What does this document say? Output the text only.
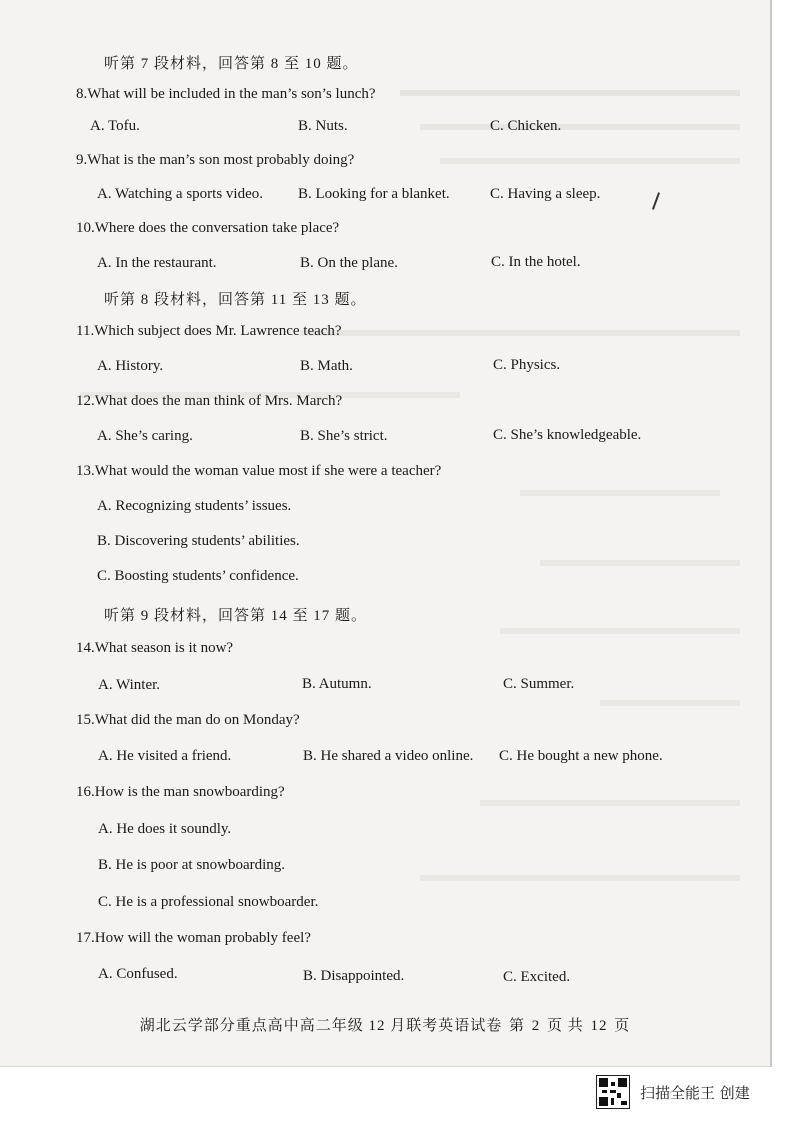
ᅟ
听第 7 段材料，回答第 8 至 10 题。
8.What will be included in the man’s son’s lunch?
A. Tofu.	B. Nuts.	C. Chicken.
9.What is the man’s son most probably doing?
A. Watching a sports video. B. Looking for a blanket.	C. Having a sleep.
10.Where does the conversation take place?
A. In the restaurant.	B. On the plane.	C. In the hotel.
听第 8 段材料，回答第 11 至 13 题。
11.Which subject does Mr. Lawrence teach?
A. History.	B. Math.	C. Physics.
12.What does the man think of Mrs. March?
A. She’s caring.	B. She’s strict.	C. She’s knowledgeable.
13.What would the woman value most if she were a teacher?
A. Recognizing students’ issues.
B. Discovering students’ abilities.
C. Boosting students’ confidence.
听第 9 段材料，回答第 14 至 17 题。
14.What season is it now?
A. Winter.	B. Autumn.	C. Summer.
15.What did the man do on Monday?
A. He visited a friend.	B. He shared a video online. C. He bought a new phone.
16.How is the man snowboarding?
A. He does it soundly.
B. He is poor at snowboarding.
C. He is a professional snowboarder.
17.How will the woman probably feel?
A. Confused.	B. Disappointed.	C. Excited.
湖北云学部分重点高中高二年级 12 月联考英语试卷 第 2 页 共 12 页
扫描全能王 创建
